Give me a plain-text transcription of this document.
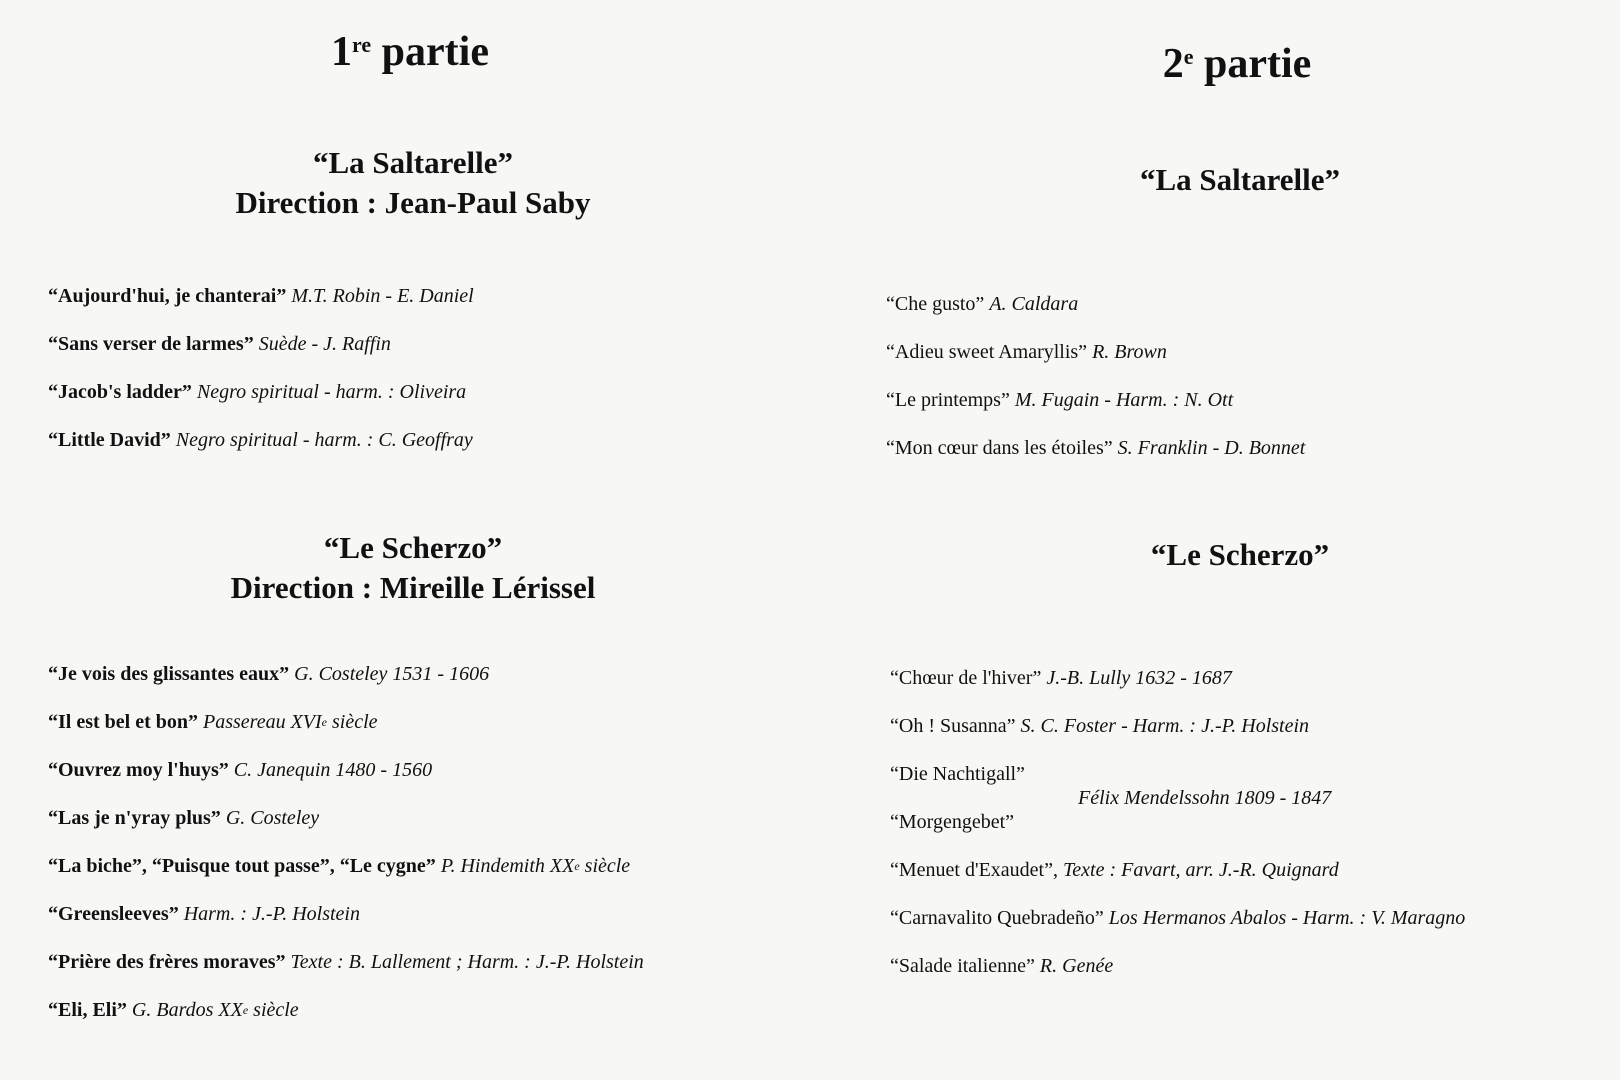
1re partie
“La Saltarelle”
Direction : Jean-Paul Saby
“Aujourd'hui, je chanterai” M.T. Robin - E. Daniel
“Sans verser de larmes” Suède - J. Raffin
“Jacob's ladder” Negro spiritual - harm. : Oliveira
“Little David” Negro spiritual - harm. : C. Geoffray
“Le Scherzo”
Direction : Mireille Lérissel
“Je vois des glissantes eaux” G. Costeley 1531 - 1606
“Il est bel et bon” Passereau XVIe siècle
“Ouvrez moy l'huys” C. Janequin 1480 - 1560
“Las je n'yray plus” G. Costeley
“La biche”, “Puisque tout passe”, “Le cygne” P. Hindemith XXe siècle
“Greensleeves” Harm. : J.-P. Holstein
“Prière des frères moraves” Texte : B. Lallement ; Harm. : J.-P. Holstein
“Eli, Eli” G. Bardos XXe siècle
2e partie
“La Saltarelle”
“Che gusto” A. Caldara
“Adieu sweet Amaryllis” R. Brown
“Le printemps” M. Fugain - Harm. : N. Ott
“Mon cœur dans les étoiles” S. Franklin - D. Bonnet
“Le Scherzo”
“Chœur de l'hiver” J.-B. Lully 1632 - 1687
“Oh ! Susanna” S. C. Foster - Harm. : J.-P. Holstein
“Die Nachtigall”
“Morgengebet”
“Menuet d'Exaudet”, Texte : Favart, arr. J.-R. Quignard
“Carnavalito Quebradeño” Los Hermanos Abalos - Harm. : V. Maragno
“Salade italienne” R. Genée
Félix Mendelssohn 1809 - 1847
